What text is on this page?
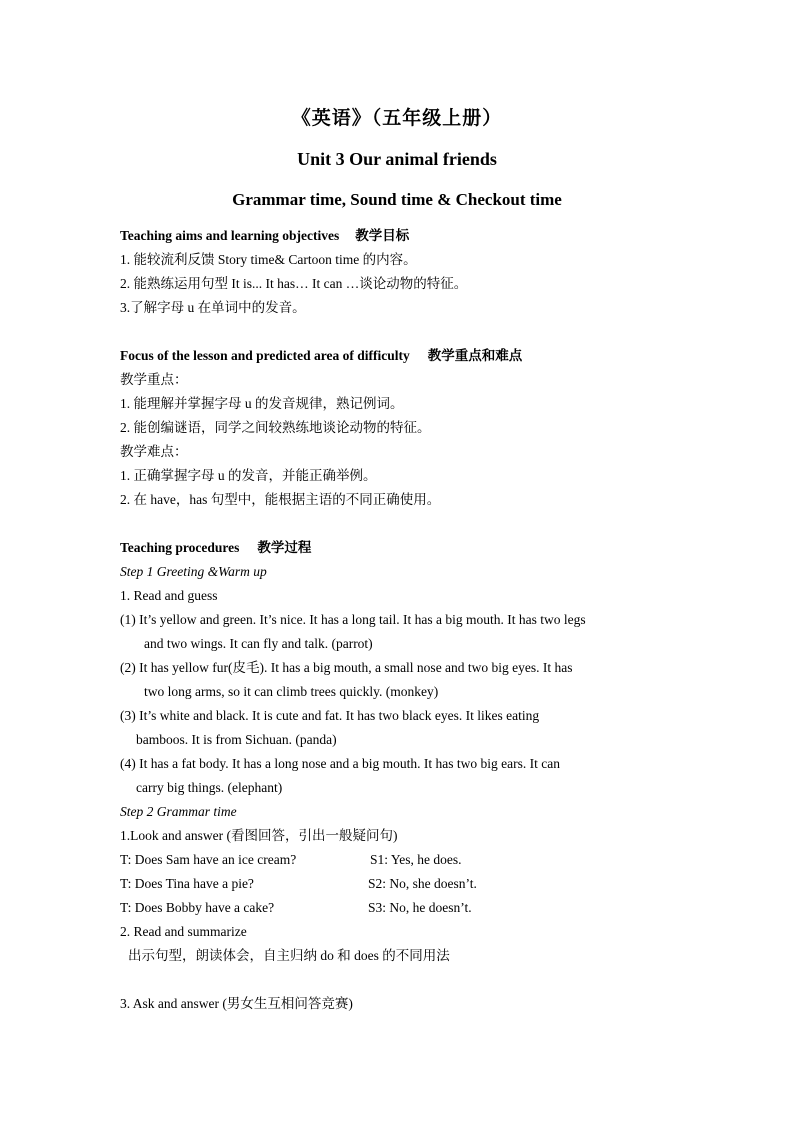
《英语》（五年级上册）
Unit 3 Our animal friends
Grammar time, Sound time & Checkout time
Teaching aims and learning objectives 教学目标
1. 能较流利反馈 Story time& Cartoon time 的内容。
2. 能熟练运用句型 It is... It has… It can …谈论动物的特征。
3.了解字母 u 在单词中的发音。
Focus of the lesson and predicted area of difficulty 教学重点和难点
教学重点：
1. 能理解并掌握字母 u 的发音规律，熟记例词。
2. 能创编谜语，同学之间较熟练地谈论动物的特征。
教学难点：
1. 正确掌握字母 u 的发音，并能正确举例。
2. 在 have，has 句型中，能根据主语的不同正确使用。
Teaching procedures 教学过程
Step 1 Greeting &Warm up
1. Read and guess
(1) It’s yellow and green. It’s nice. It has a long tail. It has a big mouth. It has two legs
and two wings. It can fly and talk. (parrot)
(2) It has yellow fur(皮毛). It has a big mouth, a small nose and two big eyes. It has
two long arms, so it can climb trees quickly. (monkey)
(3) It’s white and black. It is cute and fat. It has two black eyes. It likes eating
bamboos. It is from Sichuan. (panda)
(4) It has a fat body. It has a long nose and a big mouth. It has two big ears. It can
carry big things. (elephant)
Step 2 Grammar time
1.Look and answer (看图回答，引出一般疑问句)
T: Does Sam have an ice cream?	S1: Yes, he does.
T: Does Tina have a pie?	S2: No, she doesn’t.
T: Does Bobby have a cake?	S3: No, he doesn’t.
2. Read and summarize
出示句型，朗读体会，自主归纳 do 和 does 的不同用法
3. Ask and answer (男女生互相问答竞赛)
